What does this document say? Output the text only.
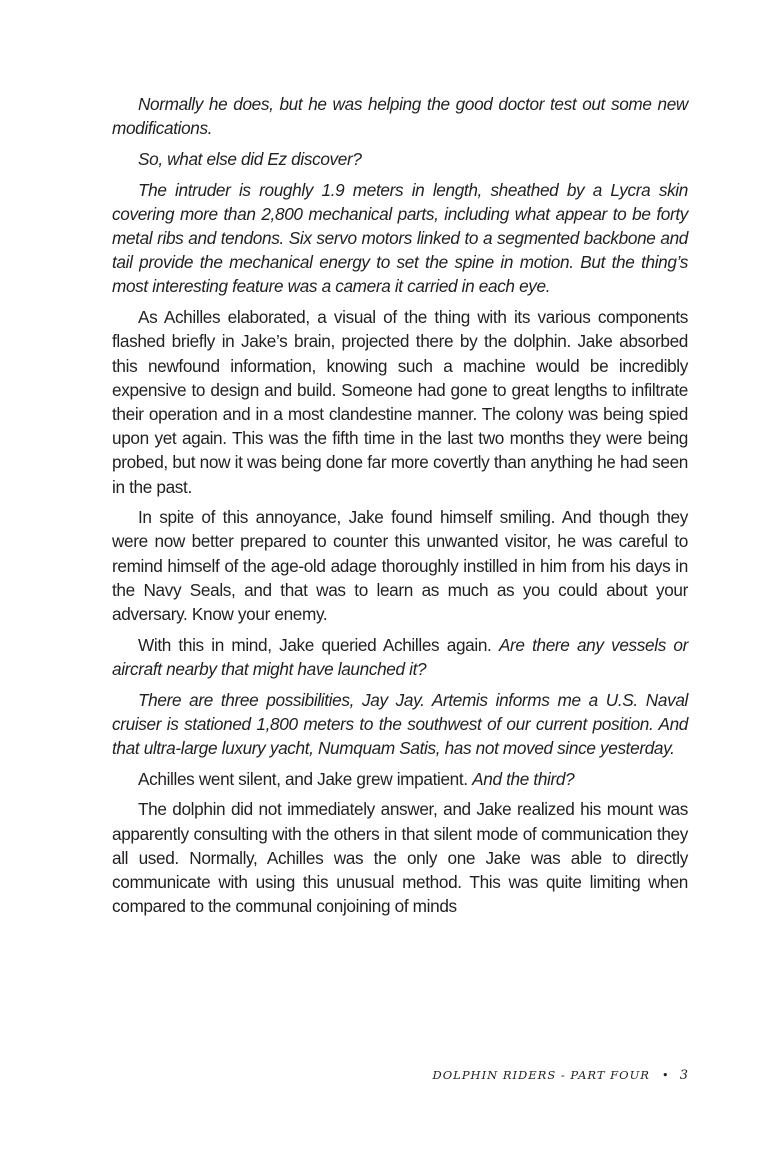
Normally he does, but he was helping the good doctor test out some new modifications.

So, what else did Ez discover?

The intruder is roughly 1.9 meters in length, sheathed by a Lycra skin covering more than 2,800 mechanical parts, including what appear to be forty metal ribs and tendons. Six servo motors linked to a segmented backbone and tail provide the mechanical energy to set the spine in motion. But the thing’s most interesting feature was a camera it carried in each eye.

As Achilles elaborated, a visual of the thing with its various components flashed briefly in Jake’s brain, projected there by the dolphin. Jake absorbed this newfound information, knowing such a machine would be incredibly expensive to design and build. Someone had gone to great lengths to infiltrate their operation and in a most clandestine manner. The colony was being spied upon yet again. This was the fifth time in the last two months they were being probed, but now it was being done far more covertly than anything he had seen in the past.

In spite of this annoyance, Jake found himself smiling. And though they were now better prepared to counter this unwanted visitor, he was careful to remind himself of the age-old adage thoroughly instilled in him from his days in the Navy Seals, and that was to learn as much as you could about your adversary. Know your enemy.

With this in mind, Jake queried Achilles again. Are there any vessels or aircraft nearby that might have launched it?

There are three possibilities, Jay Jay. Artemis informs me a U.S. Naval cruiser is stationed 1,800 meters to the southwest of our current position. And that ultra-large luxury yacht, Numquam Satis, has not moved since yesterday.

Achilles went silent, and Jake grew impatient. And the third?

The dolphin did not immediately answer, and Jake realized his mount was apparently consulting with the others in that silent mode of communication they all used. Normally, Achilles was the only one Jake was able to directly communicate with using this unusual method. This was quite limiting when compared to the communal conjoining of minds

DOLPHIN RIDERS - PART FOUR • 3
